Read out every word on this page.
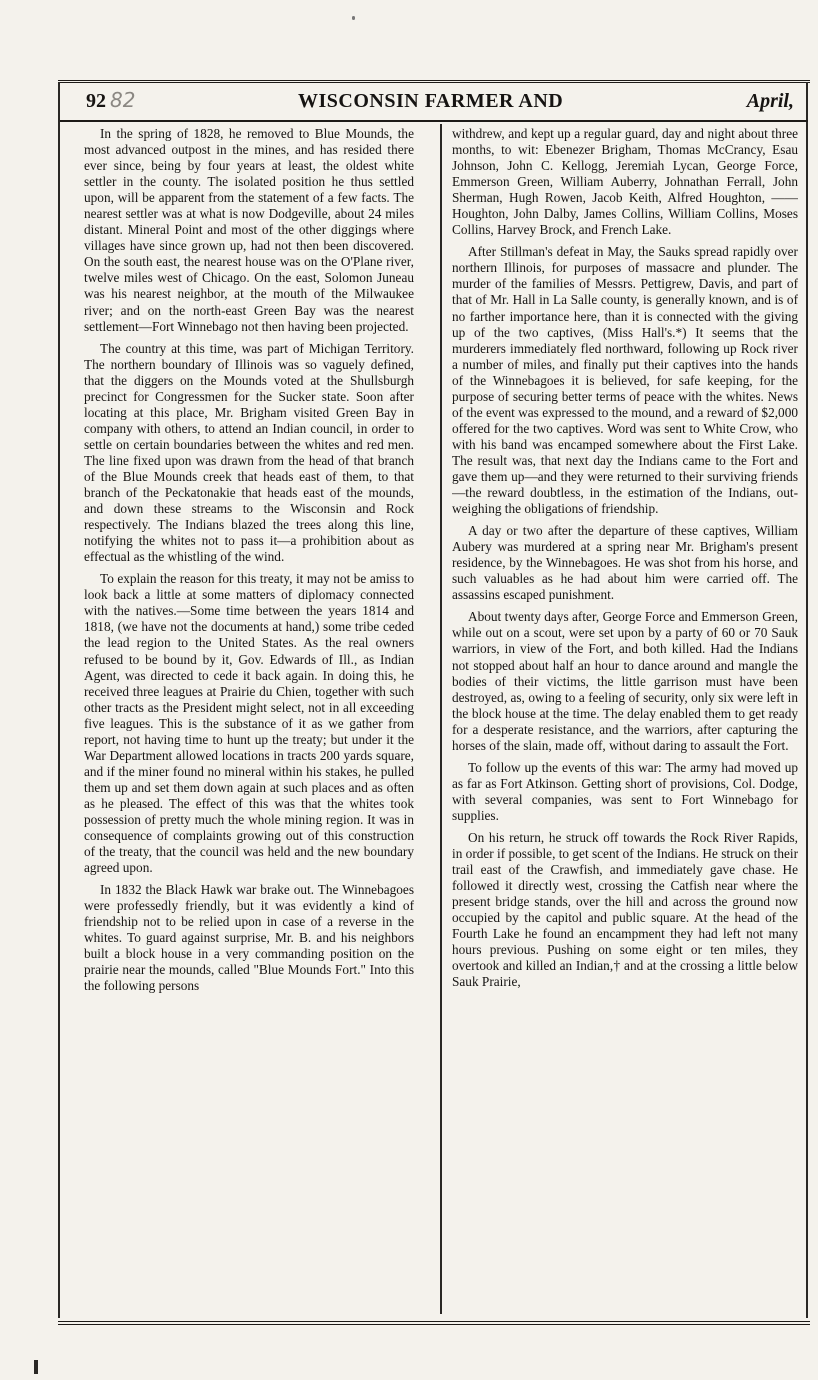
92 82	WISCONSIN FARMER AND	April,

In the spring of 1828, he removed to Blue Mounds, the most advanced outpost in the mines, and has resided there ever since, being by four years at least, the oldest white settler in the county. The isolated position he thus settled upon, will be apparent from the statement of a few facts. The nearest settler was at what is now Dodgeville, about 24 miles distant. Mineral Point and most of the other diggings where villages have since grown up, had not then been discovered. On the south east, the nearest house was on the O'Plane river, twelve miles west of Chicago. On the east, Solomon Juneau was his nearest neighbor, at the mouth of the Milwaukee river; and on the north-east Green Bay was the nearest settlement—Fort Winnebago not then having been projected.

The country at this time, was part of Michigan Territory. The northern boundary of Illinois was so vaguely defined, that the diggers on the Mounds voted at the Shullsburgh precinct for Congressmen for the Sucker state. Soon after locating at this place, Mr. Brigham visited Green Bay in company with others, to attend an Indian council, in order to settle on certain boundaries between the whites and red men. The line fixed upon was drawn from the head of that branch of the Blue Mounds creek that heads east of them, to that branch of the Peckatonakie that heads east of the mounds, and down these streams to the Wisconsin and Rock respectively. The Indians blazed the trees along this line, notifying the whites not to pass it—a prohibition about as effectual as the whistling of the wind.

To explain the reason for this treaty, it may not be amiss to look back a little at some matters of diplomacy connected with the natives.—Some time between the years 1814 and 1818, (we have not the documents at hand,) some tribe ceded the lead region to the United States. As the real owners refused to be bound by it, Gov. Edwards of Ill., as Indian Agent, was directed to cede it back again. In doing this, he received three leagues at Prairie du Chien, together with such other tracts as the President might select, not in all exceeding five leagues. This is the substance of it as we gather from report, not having time to hunt up the treaty; but under it the War Department allowed locations in tracts 200 yards square, and if the miner found no mineral within his stakes, he pulled them up and set them down again at such places and as often as he pleased. The effect of this was that the whites took possession of pretty much the whole mining region. It was in consequence of complaints growing out of this construction of the treaty, that the council was held and the new boundary agreed upon.

In 1832 the Black Hawk war brake out. The Winnebagoes were professedly friendly, but it was evidently a kind of friendship not to be relied upon in case of a reverse in the whites. To guard against surprise, Mr. B. and his neighbors built a block house in a very commanding position on the prairie near the mounds, called "Blue Mounds Fort." Into this the following persons

withdrew, and kept up a regular guard, day and night about three months, to wit: Ebenezer Brigham, Thomas McCrancy, Esau Johnson, John C. Kellogg, Jeremiah Lycan, George Force, Emmerson Green, William Auberry, Johnathan Ferrall, John Sherman, Hugh Rowen, Jacob Keith, Alfred Houghton, —— Houghton, John Dalby, James Collins, William Collins, Moses Collins, Harvey Brock, and French Lake.

After Stillman's defeat in May, the Sauks spread rapidly over northern Illinois, for purposes of massacre and plunder. The murder of the families of Messrs. Pettigrew, Davis, and part of that of Mr. Hall in La Salle county, is generally known, and is of no farther importance here, than it is connected with the giving up of the two captives, (Miss Hall's.*) It seems that the murderers immediately fled northward, following up Rock river a number of miles, and finally put their captives into the hands of the Winnebagoes it is believed, for safe keeping, for the purpose of securing better terms of peace with the whites. News of the event was expressed to the mound, and a reward of $2,000 offered for the two captives. Word was sent to White Crow, who with his band was encamped somewhere about the First Lake. The result was, that next day the Indians came to the Fort and gave them up—and they were returned to their surviving friends—the reward doubtless, in the estimation of the Indians, out-weighing the obligations of friendship.

A day or two after the departure of these captives, William Aubery was murdered at a spring near Mr. Brigham's present residence, by the Winnebagoes. He was shot from his horse, and such valuables as he had about him were carried off. The assassins escaped punishment.

About twenty days after, George Force and Emmerson Green, while out on a scout, were set upon by a party of 60 or 70 Sauk warriors, in view of the Fort, and both killed. Had the Indians not stopped about half an hour to dance around and mangle the bodies of their victims, the little garrison must have been destroyed, as, owing to a feeling of security, only six were left in the block house at the time. The delay enabled them to get ready for a desperate resistance, and the warriors, after capturing the horses of the slain, made off, without daring to assault the Fort.

To follow up the events of this war: The army had moved up as far as Fort Atkinson. Getting short of provisions, Col. Dodge, with several companies, was sent to Fort Winnebago for supplies.

On his return, he struck off towards the Rock River Rapids, in order if possible, to get scent of the Indians. He struck on their trail east of the Crawfish, and immediately gave chase. He followed it directly west, crossing the Catfish near where the present bridge stands, over the hill and across the ground now occupied by the capitol and public square. At the head of the Fourth Lake he found an encampment they had left not many hours previous. Pushing on some eight or ten miles, they overtook and killed an Indian,† and at the crossing a little below Sauk Prairie,
